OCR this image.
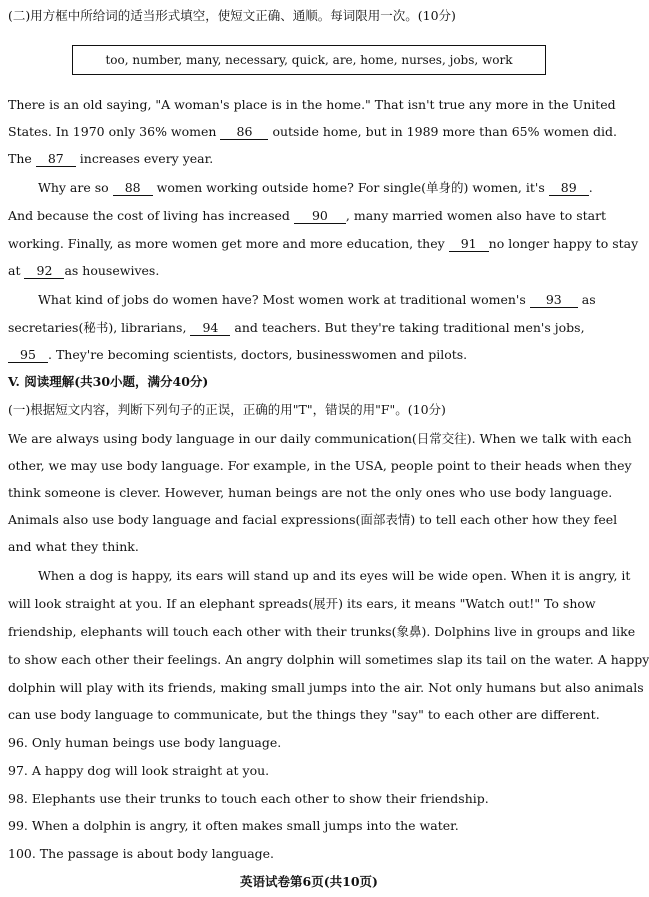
(二)用方框中所给词的适当形式填空，使短文正确、通顺。每词限用一次。(10分)
too, number, many, necessary, quick, are, home, nurses, jobs, work
There is an old saying, "A woman's place is in the home." That isn't true any more in the United
States. In 1970 only 36% women 86 outside home, but in 1989 more than 65% women did.
The 87 increases every year.
Why are so 88 women working outside home? For single(单身的) women, it's 89 .
And because the cost of living has increased 90 , many married women also have to start
working. Finally, as more women get more and more education, they 91 no longer happy to stay
at 92 as housewives.
What kind of jobs do women have? Most women work at traditional women's 93 as
secretaries(秘书), librarians, 94 and teachers. But they're taking traditional men's jobs,
95 . They're becoming scientists, doctors, businesswomen and pilots.
V. 阅读理解(共30小题，满分40分)
(一)根据短文内容，判断下列句子的正误，正确的用"T"，错误的用"F"。(10分)
We are always using body language in our daily communication(日常交往). When we talk with each
other, we may use body language. For example, in the USA, people point to their heads when they
think someone is clever. However, human beings are not the only ones who use body language.
Animals also use body language and facial expressions(面部表情) to tell each other how they feel
and what they think.
When a dog is happy, its ears will stand up and its eyes will be wide open. When it is angry, it
will look straight at you. If an elephant spreads(展开) its ears, it means "Watch out!" To show
friendship, elephants will touch each other with their trunks(象鼻). Dolphins live in groups and like
to show each other their feelings. An angry dolphin will sometimes slap its tail on the water. A happy
dolphin will play with its friends, making small jumps into the air. Not only humans but also animals
can use body language to communicate, but the things they "say" to each other are different.
96. Only human beings use body language.
97. A happy dog will look straight at you.
98. Elephants use their trunks to touch each other to show their friendship.
99. When a dolphin is angry, it often makes small jumps into the water.
100. The passage is about body language.
英语试卷第6页(共10页)
